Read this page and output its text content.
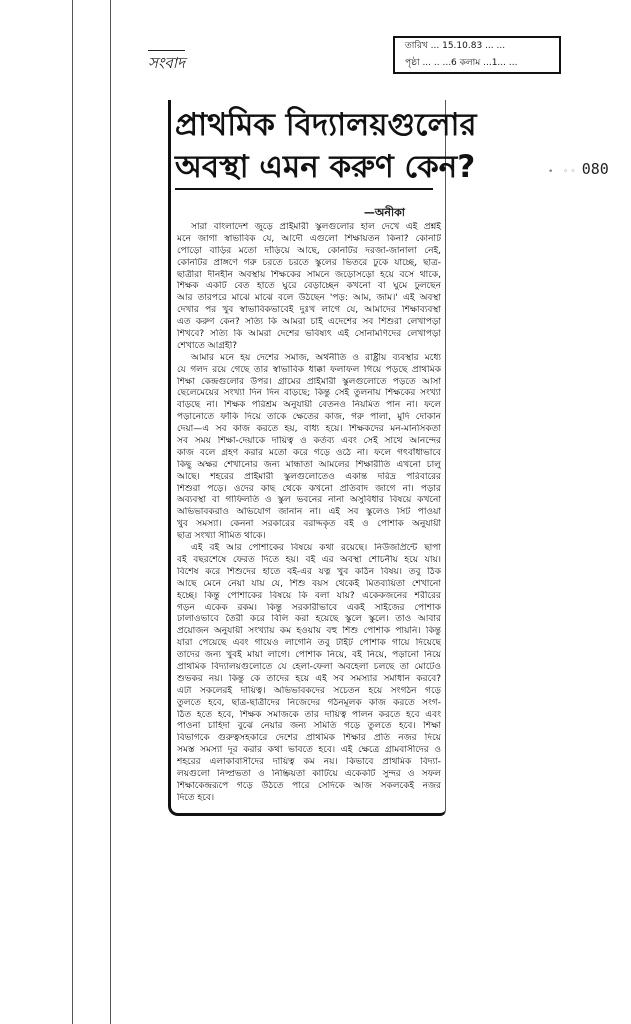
সংবাদ
তারিখ ... 15.10.83 ... ...
পৃষ্ঠা ... .. ...6 কলাম ...1... ...
• ◦◦ 080
প্রাথমিক বিদ্যালয়গুলোর
অবস্থা এমন করুণ কেন?
—অনীকা
সারা বাংলাদেশ জুড়ে প্রাইমারী স্কুলগুলোর হাল দেখে এই প্রশ্নই
মনে জাগা স্বাভাবিক যে, আদৌ এগুলো শিক্ষায়তন কিনা? কোনটি
পোড়ো বাড়ির মতো দাঁড়িয়ে আছে, কোনটির দরজা-জানালা নেই,
কোনটির প্রাঙ্গণে গরু চরতে চরতে স্কুলের ভিতরে ঢুকে যাচ্ছে, ছাত্র-
ছাত্রীরা দীনহীন অবস্থায় শিক্ষকের সামনে জড়োসড়ো হয়ে বসে থাকে,
শিক্ষক একটি বেত হাতে ঘুরে বেড়াচ্ছেন কখনো বা ঘুমে ঢুলছেন
আর তারপরে মাঝে মাঝে বলে উঠছেন 'পড়: আম, জাম।' এই অবস্থা
দেখার পর খুব স্বাভাবিকভাবেই দুঃখ লাগে যে, আমাদের শিক্ষাব্যবস্থা
এত করুণ কেন? সত্যি কি আমরা চাই এদেশের সব শিশুরা লেখাপড়া
শিখবে? সত্যি কি আমরা দেশের ভবিষ্যৎ এই সোনামণিদের লেখাপড়া
শেখাতে আগ্রহী?
আমার মনে হয় দেশের সমাজ, অর্থনীতি ও রাষ্ট্রীয় ব্যবস্থার মধ্যে
যে গলদ রয়ে গেছে তার স্বাভাবিক ধাক্কা ফলাফল গিয়ে পড়ছে প্রাথমিক
শিক্ষা কেন্দ্রগুলোর উপর। গ্রামের প্রাইমারী স্কুলগুলোতে পড়তে আসা
ছেলেমেয়ের সংখ্যা দিন দিন বাড়ছে; কিন্তু সেই তুলনায় শিক্ষকের সংখ্যা
বাড়ছে না। শিক্ষক পরিশ্রম অনুযায়ী বেতনও নিয়মিত পান না। ফলে
পড়ানোতে ফাঁকি দিয়ে তাকে ক্ষেতের কাজ, গরু পালা, মুদি দোকান
দেয়া—এ সব কাজ করতে হয়, বাধ্য হয়ে। শিক্ষকদের মন-মানসিকতা
সব সময় শিক্ষা-দেয়াকে দায়িত্ব ও কর্তব্য এবং সেই সাথে আনন্দের
কাজ বলে গ্রহণ করার মতো করে গড়ে ওঠে না। ফলে গৎবাঁধাভাবে
কিছু অক্ষর শেখানোর জন্য মান্ধাতা আমলের শিক্ষারীতি এখনো চালু
আছে। শহরের প্রাইমারী স্কুলগুলোতেও একান্ত দরিদ্র পরিবারের
শিশুরা পড়ে। ওদের কাছ থেকে কখনো প্রতিবাদ জাগে না। পড়ার
অব্যবস্থা বা গাফিলতি ও স্কুল ভবনের নানা অসুবিধার বিষয়ে কখনো
অভিভাবকরাও অভিযোগ জানান না। এই সব স্কুলেও সিট পাওয়া
খুব সমস্যা। কেননা সরকারের বরাদ্দকৃত বই ও পোশাক অনুযায়ী
ছাত্র সংখ্যা সীমিত থাকে।
এই বই আর পোশাকের বিষয়ে কথা রয়েছে। নিউজপ্রিন্টে ছাপা
বই বছরশেষে ফেরত দিতে হয়। বই এর অবস্থা শোচনীয় হয়ে যায়।
বিশেষ করে শিশুদের হাতে বই-এর যত্ন খুব কঠিন বিষয়। তবু ঠিক
আছে মেনে নেয়া যায় যে, শিশু বয়স থেকেই মিতব্যয়িতা শেখানো
হচ্ছে। কিন্তু পোশাকের বিষয়ে কি বলা যায়? একেকজনের শরীরের
গড়ন একেক রকম। কিন্তু সরকারীভাবে একই সাইজের পোশাক
ঢালাওভাবে তৈরী করে বিলি করা হয়েছে স্কুলে স্কুলে। তাও আবার
প্রয়োজন অনুযায়ী সংখ্যায় কম হওয়ায় বহু শিশু পোশাক পায়নি। কিন্তু
যারা পেয়েছে এবং গায়েও লাগেনি তবু টাইট পোশাক গায়ে দিয়েছে
তাদের জন্য খুবই মায়া লাগে। পোশাক নিয়ে, বই নিয়ে, পড়ানো নিয়ে
প্রাথমিক বিদ্যালয়গুলোতে যে হেলা-ফেলা অবহেলা চলছে তা মোটেও
শুভকর নয়। কিন্তু কে তাদের হয়ে এই সব সমস্যার সমাধান করবে?
এটা সকলেরই দায়িত্ব। অভিভাবকদের সচেতন হয়ে সংগঠন গড়ে
তুলতে হবে, ছাত্র-ছাত্রীদের নিজেদের গঠনমূলক কাজ করতে সংগ-
ঠিত হতে হবে, শিক্ষক সমাজকে তার দায়িত্ব পালন করতে হবে এবং
পাওনা চাহিদা বুঝে নেয়ার জন্য সমিতি গড়ে তুলতে হবে। শিক্ষা
বিভাগকে গুরুত্বসহকারে দেশের প্রাথমিক শিক্ষার প্রতি নজর দিয়ে
সমস্ত সমস্যা দূর করার কথা ভাবতে হবে। এই ক্ষেত্রে গ্রামবাসীদের ও
শহরের এলাকাবাসীদের দায়িত্ব কম নয়। কিভাবে প্রাথমিক বিদ্যা-
লয়গুলো নিষ্প্রভতা ও নিষ্ক্রিয়তা কাটিয়ে একেকটি সুন্দর ও সফল
শিক্ষাকেন্দ্ররূপে গড়ে উঠতে পারে সেদিকে আজ সকলকেই নজর
দিতে হবে।
